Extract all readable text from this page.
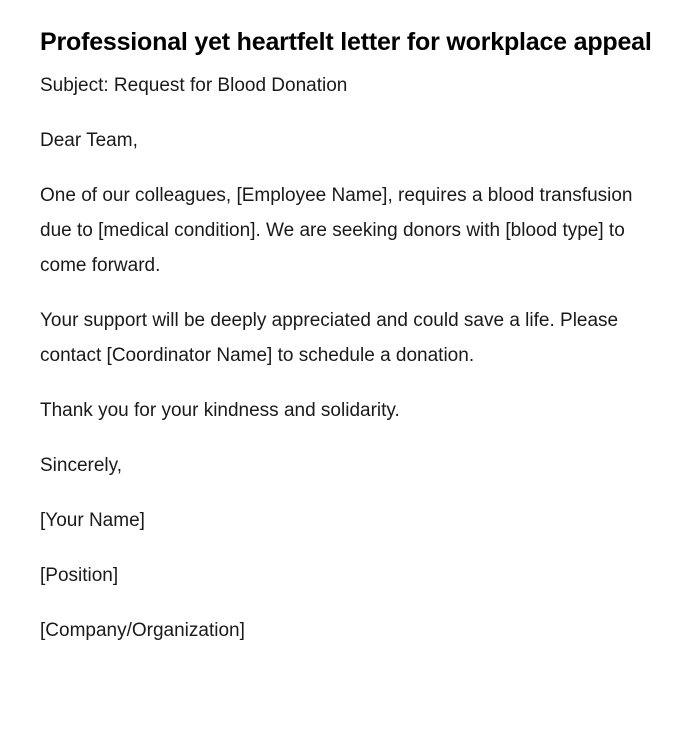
Professional yet heartfelt letter for workplace appeal

Subject: Request for Blood Donation

Dear Team,

One of our colleagues, [Employee Name], requires a blood transfusion due to [medical condition]. We are seeking donors with [blood type] to come forward.

Your support will be deeply appreciated and could save a life. Please contact [Coordinator Name] to schedule a donation.

Thank you for your kindness and solidarity.

Sincerely,

[Your Name]

[Position]

[Company/Organization]
